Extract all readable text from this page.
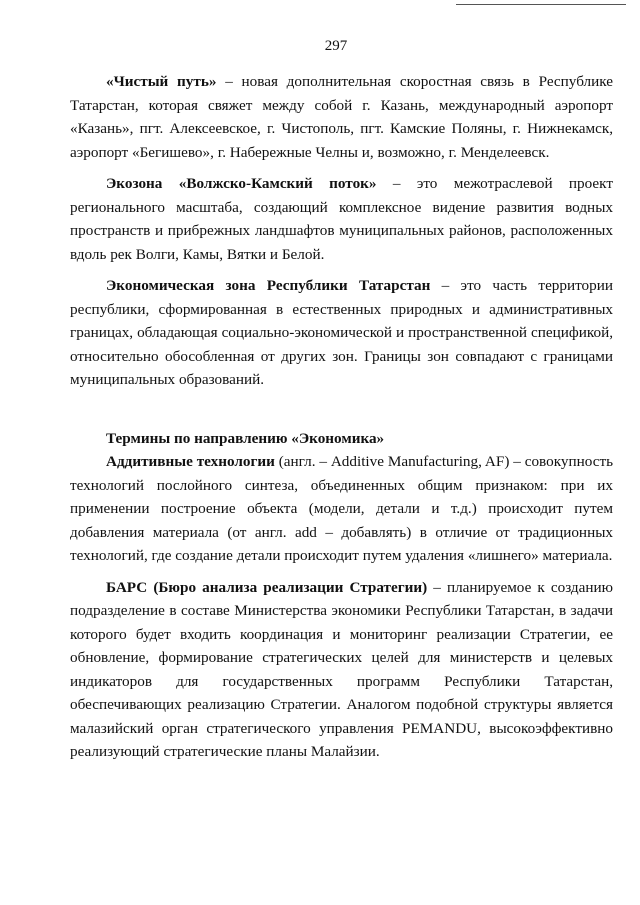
297

«Чистый путь» – новая дополнительная скоростная связь в Республике Татарстан, которая свяжет между собой г. Казань, международный аэропорт «Казань», пгт. Алексеевское, г. Чистополь, пгт. Камские Поляны, г. Нижнекамск, аэропорт «Бегишево», г. Набережные Челны и, возможно, г. Менделеевск.

Экозона «Волжско-Камский поток» – это межотраслевой проект регионального масштаба, создающий комплексное видение развития водных пространств и прибрежных ландшафтов муниципальных районов, расположенных вдоль рек Волги, Камы, Вятки и Белой.

Экономическая зона Республики Татарстан – это часть территории республики, сформированная в естественных природных и административных границах, обладающая социально-экономической и пространственной спецификой, относительно обособленная от других зон. Границы зон совпадают с границами муниципальных образований.

Термины по направлению «Экономика»

Аддитивные технологии (англ. – Additive Manufacturing, AF) – совокупность технологий послойного синтеза, объединенных общим признаком: при их применении построение объекта (модели, детали и т.д.) происходит путем добавления материала (от англ. add – добавлять) в отличие от традиционных технологий, где создание детали происходит путем удаления «лишнего» материала.

БАРС (Бюро анализа реализации Стратегии) – планируемое к созданию подразделение в составе Министерства экономики Республики Татарстан, в задачи которого будет входить координация и мониторинг реализации Стратегии, ее обновление, формирование стратегических целей для министерств и целевых индикаторов для государственных программ Республики Татарстан, обеспечивающих реализацию Стратегии. Аналогом подобной структуры является малазийский орган стратегического управления PEMANDU, высокоэффективно реализующий стратегические планы Малайзии.
